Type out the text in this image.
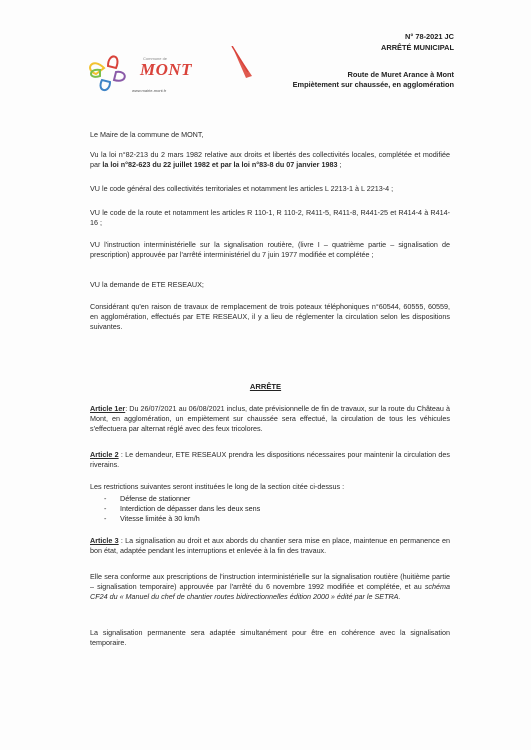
Commune de
MONT
www.mairie-mont.fr
N° 78-2021 JC
ARRÊTÉ MUNICIPAL
Route de Muret Arance à Mont
Empiètement sur chaussée, en agglomération
Le Maire de la commune de MONT,
Vu la loi n°82-213 du 2 mars 1982 relative aux droits et libertés des collectivités locales, complétée et modifiée par la loi n°82-623 du 22 juillet 1982 et par la loi n°83-8 du 07 janvier 1983 ;
VU le code général des collectivités territoriales et notamment les articles L 2213-1 à L 2213-4 ;
VU le code de la route et notamment les articles R 110-1, R 110-2, R411-5, R411-8, R441-25 et R414-4 à R414-16 ;
VU l'instruction interministérielle sur la signalisation routière, (livre I – quatrième partie – signalisation de prescription) approuvée par l'arrêté interministériel du 7 juin 1977 modifiée et complétée ;
VU la demande de ETE RESEAUX;
Considérant qu'en raison de travaux de remplacement de trois poteaux téléphoniques n°60544, 60555, 60559, en agglomération, effectués par ETE RESEAUX, il y a lieu de réglementer la circulation selon les dispositions suivantes.
ARRÊTE
Article 1er: Du 26/07/2021 au 06/08/2021 inclus, date prévisionnelle de fin de travaux, sur la route du Château à Mont, en agglomération, un empiètement sur chaussée sera effectué, la circulation de tous les véhicules s'effectuera par alternat réglé avec des feux tricolores.
Article 2 : Le demandeur, ETE RESEAUX prendra les dispositions nécessaires pour maintenir la circulation des riverains.
Les restrictions suivantes seront instituées le long de la section citée ci-dessus :
- Défense de stationner
- Interdiction de dépasser dans les deux sens
- Vitesse limitée à 30 km/h
Article 3 : La signalisation au droit et aux abords du chantier sera mise en place, maintenue en permanence en bon état, adaptée pendant les interruptions et enlevée à la fin des travaux.
Elle sera conforme aux prescriptions de l'instruction interministérielle sur la signalisation routière (huitième partie – signalisation temporaire) approuvée par l'arrêté du 6 novembre 1992 modifiée et complétée, et au schéma CF24 du « Manuel du chef de chantier routes bidirectionnelles édition 2000 » édité par le SETRA.
La signalisation permanente sera adaptée simultanément pour être en cohérence avec la signalisation temporaire.
